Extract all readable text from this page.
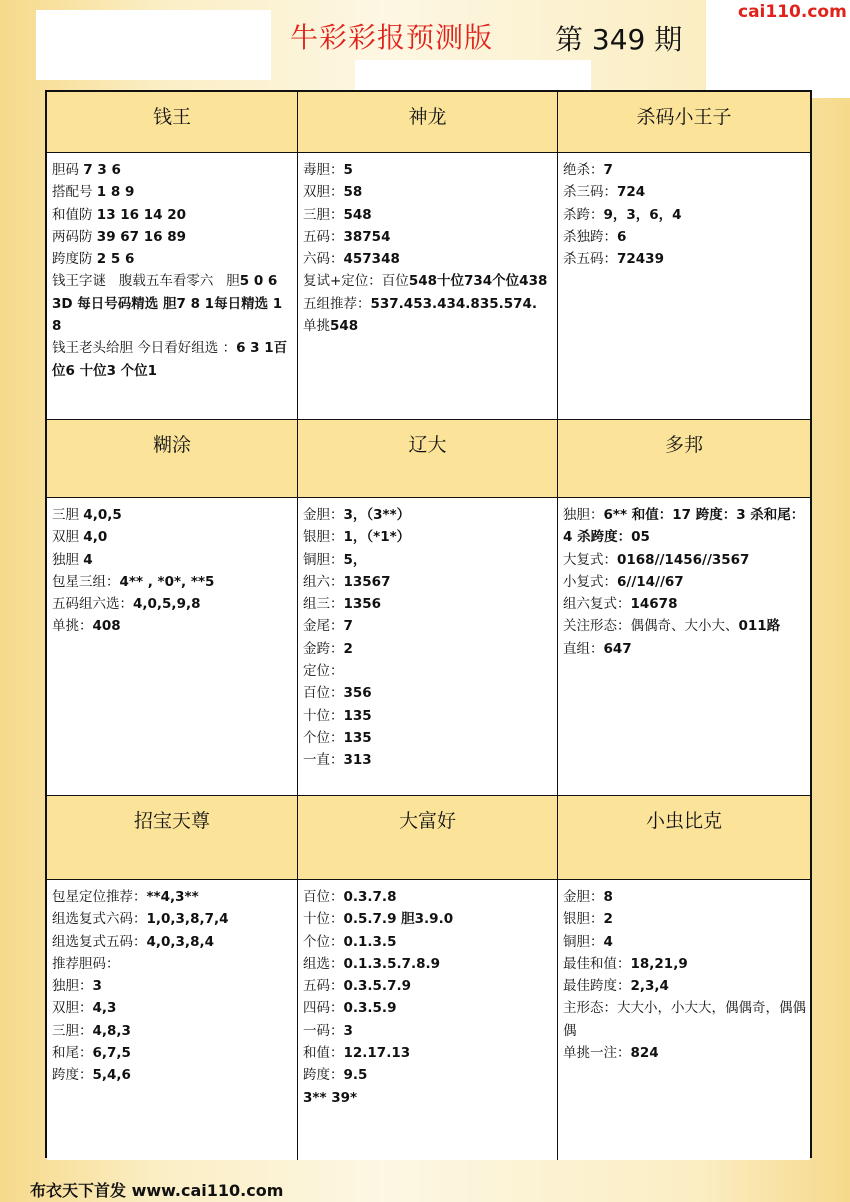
牛彩彩报预测版 第 349 期
cai110.com
钱王
胆码 7 3 6
搭配号 1 8 9
和值防 13 16 14 20
两码防 39 67 16 89
跨度防 2 5 6
钱王字谜   腹载五车看零六   胆5 0 6
3D 每日号码精选 胆7 8 1每日精选 1 8
钱王老头给胆 今日看好组选 ：6 3 1百位6 十位3 个位1
神龙
毒胆：5
双胆：58
三胆：548
五码：38754
六码：457348
复试+定位：百位548十位734个位438
五组推荐：537.453.434.835.574.
单挑548
杀码小王子
绝杀：7
杀三码：724
杀跨：9，3，6，4
杀独跨：6
杀五码：72439
糊涂
三胆 4,0,5
双胆 4,0
独胆 4
包星三组：4** , *0*, **5
五码组六选：4,0,5,9,8
单挑：408
辽大
金胆：3，（3**）
银胆：1，（*1*）
铜胆：5，
组六：13567
组三：1356
金尾：7
金跨：2
定位：
百位：356
十位：135
个位：135
一直：313
多邦
独胆：6** 和值：17 跨度：3 杀和尾：4 杀跨度：05
大复式：0168//1456//3567
小复式：6//14//67
组六复式：14678
关注形态：偶偶奇、大小大、011路
直组：647
招宝天尊
包星定位推荐：**4,3**
组选复式六码：1,0,3,8,7,4
组选复式五码：4,0,3,8,4
推荐胆码：
独胆：3
双胆：4,3
三胆：4,8,3
和尾：6,7,5
跨度：5,4,6
大富好
百位：0.3.7.8
十位：0.5.7.9 胆3.9.0
个位：0.1.3.5
组选：0.1.3.5.7.8.9
五码：0.3.5.7.9
四码：0.3.5.9
一码：3
和值：12.17.13
跨度：9.5
3** 39*
小虫比克
金胆：8
银胆：2
铜胆：4
最佳和值：18,21,9
最佳跨度：2,3,4
主形态：大大小，小大大，偶偶奇，偶偶偶
单挑一注：824
布衣天下首发 www.cai110.com
